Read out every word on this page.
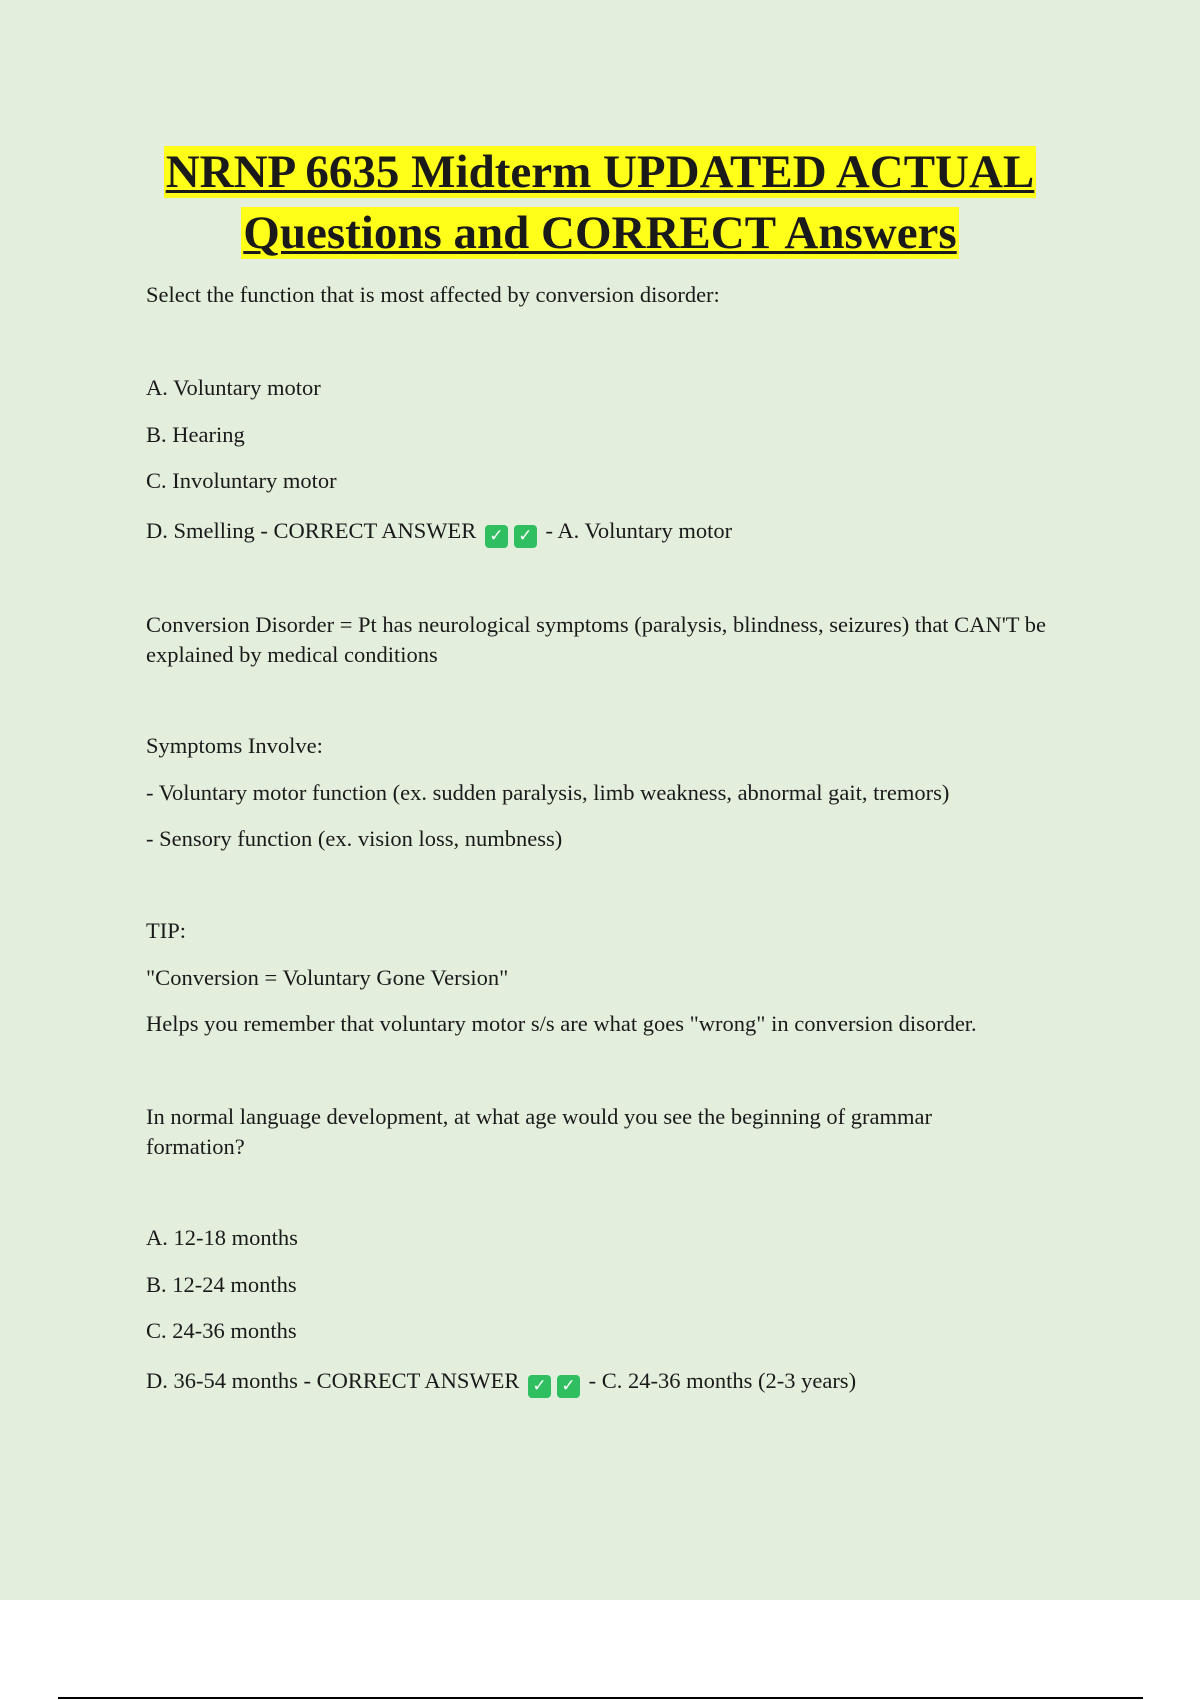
NRNP 6635 Midterm UPDATED ACTUAL
Questions and CORRECT Answers
Select the function that is most affected by conversion disorder:
A. Voluntary motor
B. Hearing
C. Involuntary motor
D. Smelling - CORRECT ANSWER ✓ ✓ - A. Voluntary motor
Conversion Disorder = Pt has neurological symptoms (paralysis, blindness, seizures) that CAN'T be explained by medical conditions
Symptoms Involve:
- Voluntary motor function (ex. sudden paralysis, limb weakness, abnormal gait, tremors)
- Sensory function (ex. vision loss, numbness)
TIP:
"Conversion = Voluntary Gone Version"
Helps you remember that voluntary motor s/s are what goes "wrong" in conversion disorder.
In normal language development, at what age would you see the beginning of grammar formation?
A. 12-18 months
B. 12-24 months
C. 24-36 months
D. 36-54 months - CORRECT ANSWER ✓ ✓ - C. 24-36 months (2-3 years)
